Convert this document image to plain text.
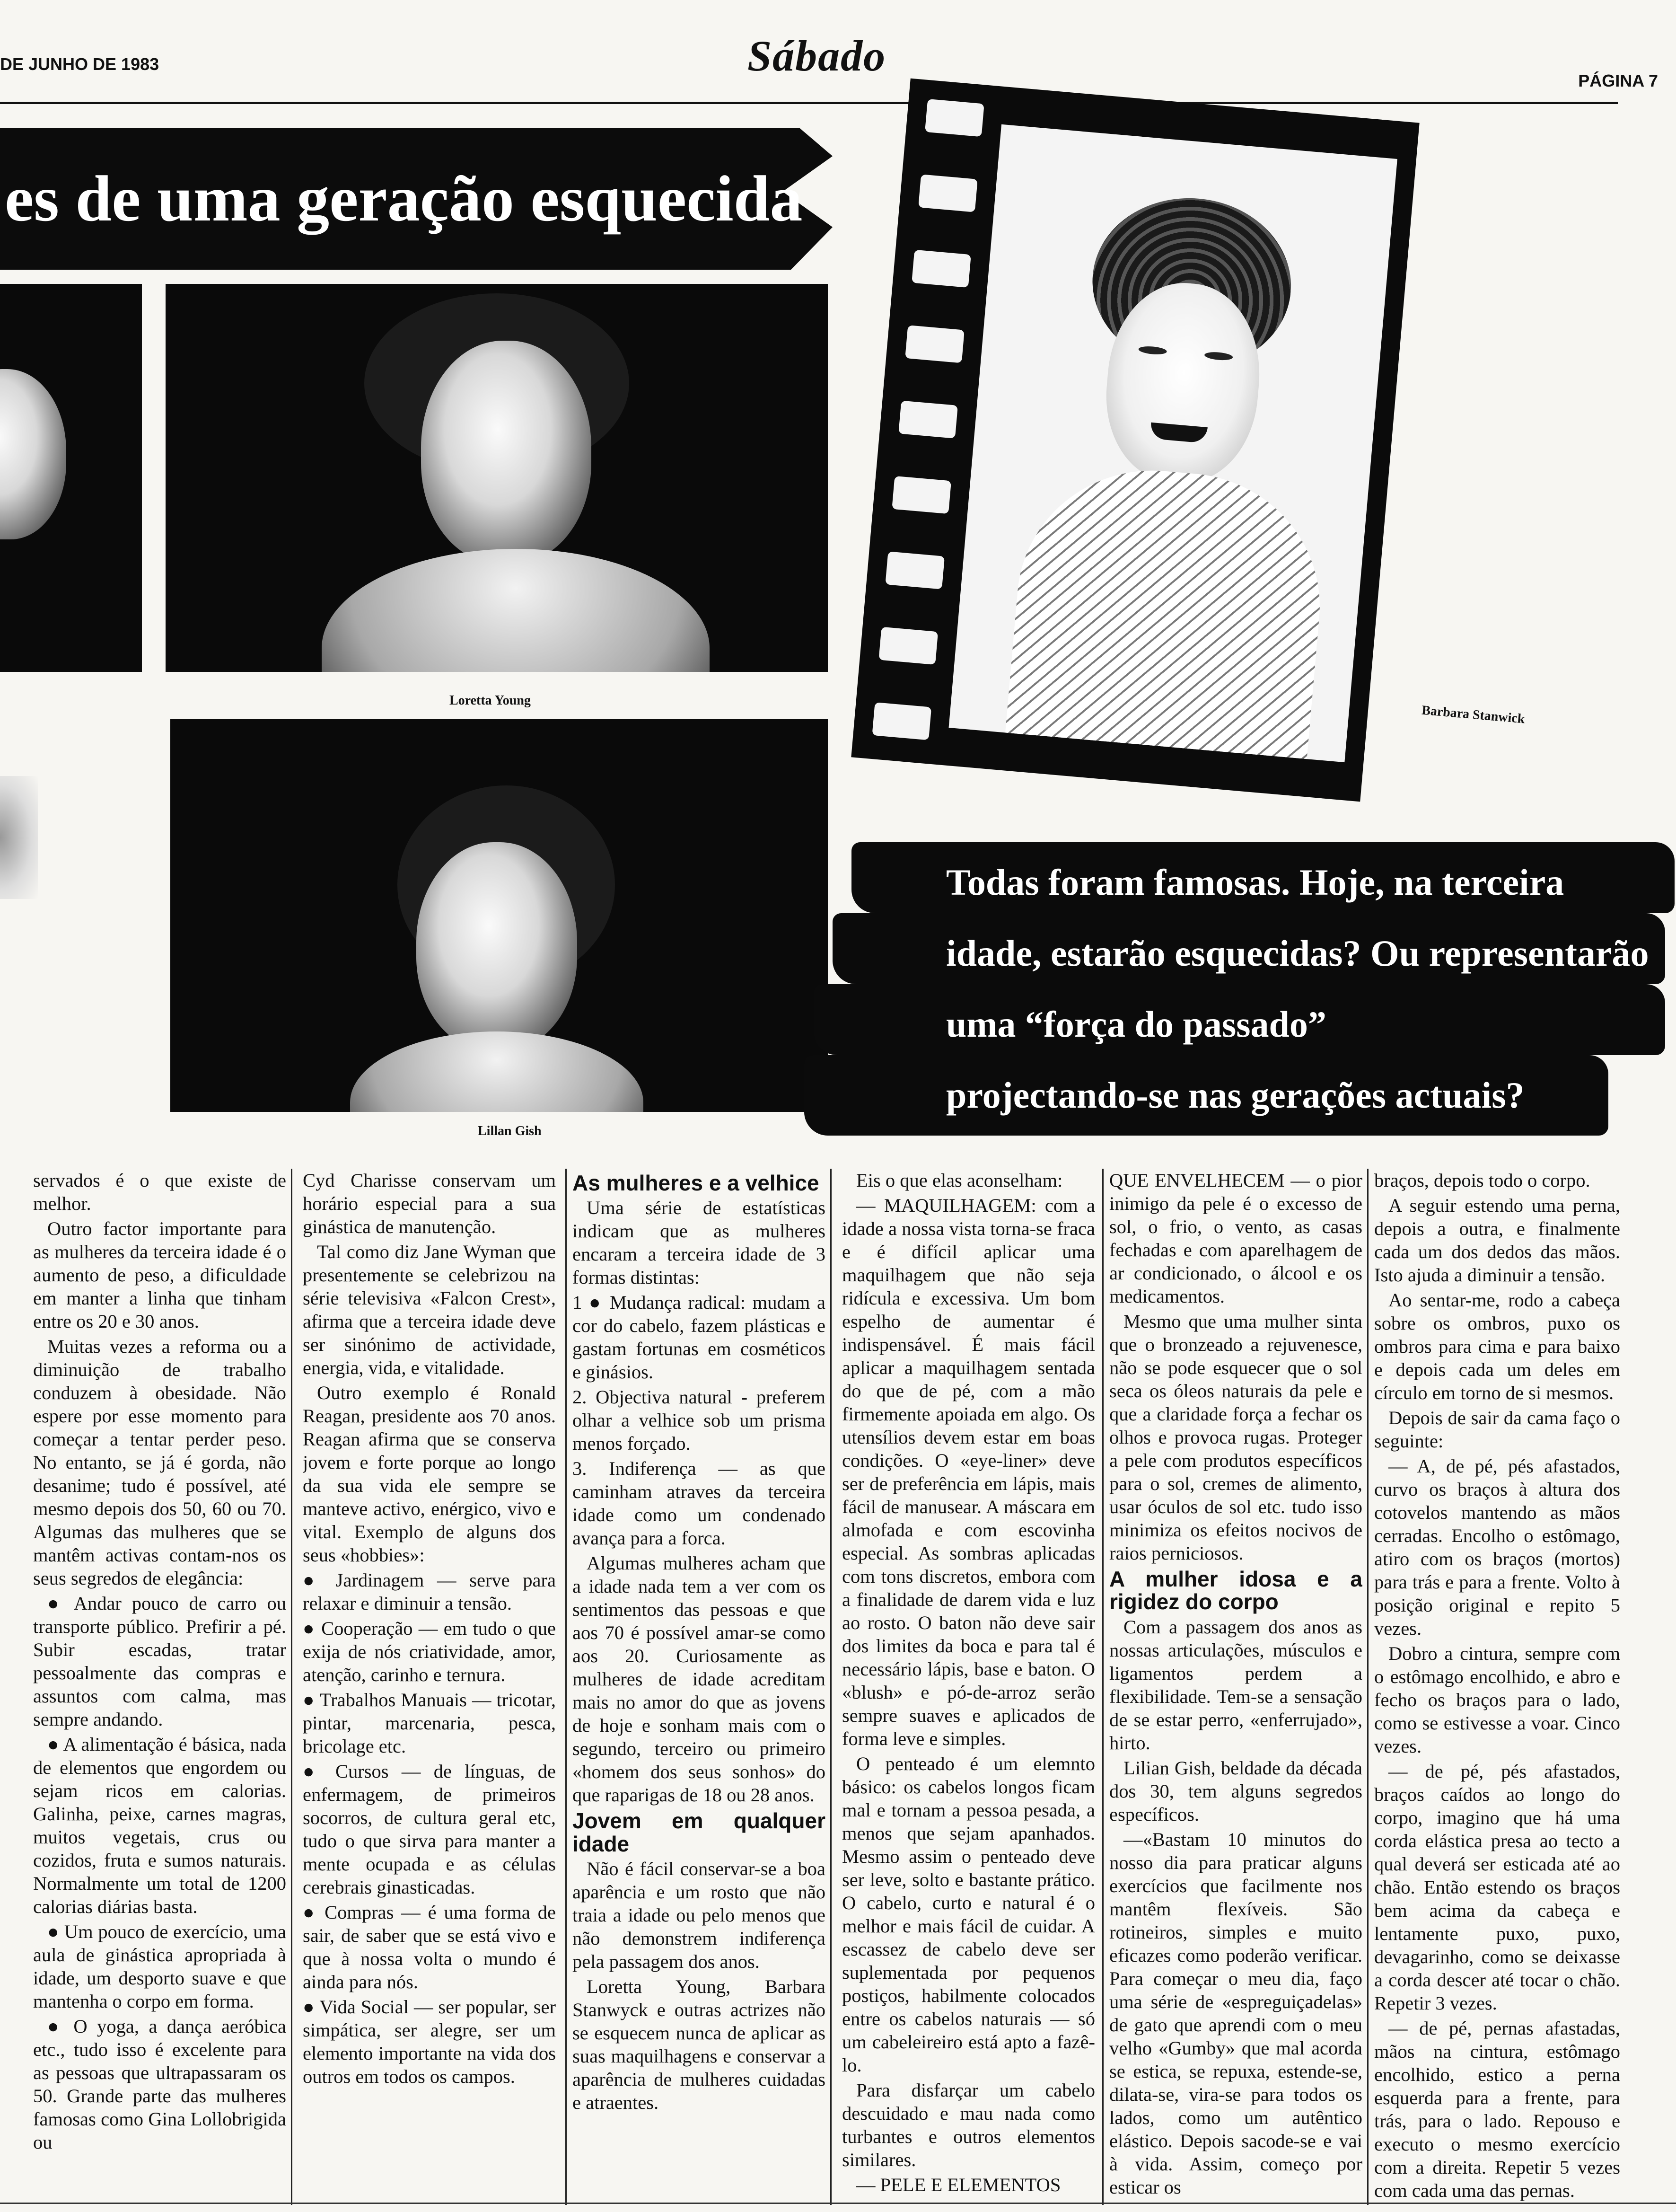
DE JUNHO DE 1983	Sábado
PÁGINA 7
es de uma geração esquecida
Loretta Young
Lillan Gish
Barbara Stanwick
Todas foram famosas. Hoje, na terceira
idade, estarão esquecidas? Ou representarão
uma “força do passado”
projectando-se nas gerações actuais?

servados é o que existe de melhor.

Outro factor importante para as mulheres da terceira idade é o aumento de peso, a dificuldade em manter a linha que tinham entre os 20 e 30 anos.

Muitas vezes a reforma ou a diminuição de trabalho conduzem à obesidade. Não espere por esse momento para começar a tentar perder peso. No entanto, se já é gorda, não desanime; tudo é possível, até mesmo depois dos 50, 60 ou 70. Algumas das mulheres que se mantêm activas contam-nos os seus segredos de elegância:

● Andar pouco de carro ou transporte público. Prefirir a pé. Subir escadas, tratar pessoalmente das compras e assuntos com calma, mas sempre andando.

● A alimentação é básica, nada de elementos que engordem ou sejam ricos em calorias. Galinha, peixe, carnes magras, muitos vegetais, crus ou cozidos, fruta e sumos naturais. Normalmente um total de 1200 calorias diárias basta.

● Um pouco de exercício, uma aula de ginástica apropriada à idade, um desporto suave e que mantenha o corpo em forma.

● O yoga, a dança aeróbica etc., tudo isso é excelente para as pessoas que ultrapassaram os 50. Grande parte das mulheres famosas como Gina Lollobrigida ou

Cyd Charisse conservam um horário especial para a sua ginástica de manutenção.

Tal como diz Jane Wyman que presentemente se celebrizou na série televisiva «Falcon Crest», afirma que a terceira idade deve ser sinónimo de actividade, energia, vida, e vitalidade.

Outro exemplo é Ronald Reagan, presidente aos 70 anos. Reagan afirma que se conserva jovem e forte porque ao longo da sua vida ele sempre se manteve activo, enérgico, vivo e vital. Exemplo de alguns dos seus «hobbies»:

● Jardinagem — serve para relaxar e diminuir a tensão.

● Cooperação — em tudo o que exija de nós criatividade, amor, atenção, carinho e ternura.

● Trabalhos Manuais — tricotar, pintar, marcenaria, pesca, bricolage etc.

● Cursos — de línguas, de enfermagem, de primeiros socorros, de cultura geral etc, tudo o que sirva para manter a mente ocupada e as células cerebrais ginasticadas.

● Compras — é uma forma de sair, de saber que se está vivo e que à nossa volta o mundo é ainda para nós.

● Vida Social — ser popular, ser simpática, ser alegre, ser um elemento importante na vida dos outros em todos os campos.

As mulheres e a velhice

Uma série de estatísticas indicam que as mulheres encaram a terceira idade de 3 formas distintas:

1 ● Mudança radical: mudam a cor do cabelo, fazem plásticas e gastam fortunas em cosméticos e ginásios.

2. Objectiva natural - preferem olhar a velhice sob um prisma menos forçado.

3. Indiferença — as que caminham atraves da terceira idade como um condenado avança para a forca.

Algumas mulheres acham que a idade nada tem a ver com os sentimentos das pessoas e que aos 70 é possível amar-se como aos 20. Curiosamente as mulheres de idade acreditam mais no amor do que as jovens de hoje e sonham mais com o segundo, terceiro ou primeiro «homem dos seus sonhos» do que raparigas de 18 ou 28 anos.

Jovem em qualquer idade

Não é fácil conservar-se a boa aparência e um rosto que não traia a idade ou pelo menos que não demonstrem indiferença pela passagem dos anos.

Loretta Young, Barbara Stanwyck e outras actrizes não se esquecem nunca de aplicar as suas maquilhagens e conservar a aparência de mulheres cuidadas e atraentes.

Eis o que elas aconselham:

— MAQUILHAGEM: com a idade a nossa vista torna-se fraca e é difícil aplicar uma maquilhagem que não seja ridícula e excessiva. Um bom espelho de aumentar é indispensável. É mais fácil aplicar a maquilhagem sentada do que de pé, com a mão firmemente apoiada em algo. Os utensílios devem estar em boas condições. O «eye-liner» deve ser de preferência em lápis, mais fácil de manusear. A máscara em almofada e com escovinha especial. As sombras aplicadas com tons discretos, embora com a finalidade de darem vida e luz ao rosto. O baton não deve sair dos limites da boca e para tal é necessário lápis, base e baton. O «blush» e pó-de-arroz serão sempre suaves e aplicados de forma leve e simples.

O penteado é um elemnto básico: os cabelos longos ficam mal e tornam a pessoa pesada, a menos que sejam apanhados. Mesmo assim o penteado deve ser leve, solto e bastante prático. O cabelo, curto e natural é o melhor e mais fácil de cuidar. A escassez de cabelo deve ser suplementada por pequenos postiços, habilmente colocados entre os cabelos naturais — só um cabeleireiro está apto a fazê-lo.

Para disfarçar um cabelo descuidado e mau nada como turbantes e outros elementos similares.

— PELE E ELEMENTOS

QUE ENVELHECEM — o pior inimigo da pele é o excesso de sol, o frio, o vento, as casas fechadas e com aparelhagem de ar condicionado, o álcool e os medicamentos.

Mesmo que uma mulher sinta que o bronzeado a rejuvenesce, não se pode esquecer que o sol seca os óleos naturais da pele e que a claridade força a fechar os olhos e provoca rugas. Proteger a pele com produtos específicos para o sol, cremes de alimento, usar óculos de sol etc. tudo isso minimiza os efeitos nocivos de raios perniciosos.

A mulher idosa e a rigidez do corpo

Com a passagem dos anos as nossas articulações, músculos e ligamentos perdem a flexibilidade. Tem-se a sensação de se estar perro, «enferrujado», hirto.

Lilian Gish, beldade da década dos 30, tem alguns segredos específicos.

—«Bastam 10 minutos do nosso dia para praticar alguns exercícios que facilmente nos mantêm flexíveis. São rotineiros, simples e muito eficazes como poderão verificar. Para começar o meu dia, faço uma série de «espreguiçadelas» de gato que aprendi com o meu velho «Gumby» que mal acorda se estica, se repuxa, estende-se, dilata-se, vira-se para todos os lados, como um autêntico elástico. Depois sacode-se e vai à vida. Assim, começo por esticar os

braços, depois todo o corpo.

A seguir estendo uma perna, depois a outra, e finalmente cada um dos dedos das mãos. Isto ajuda a diminuir a tensão.

Ao sentar-me, rodo a cabeça sobre os ombros, puxo os ombros para cima e para baixo e depois cada um deles em círculo em torno de si mesmos.

Depois de sair da cama faço o seguinte:

— A, de pé, pés afastados, curvo os braços à altura dos cotovelos mantendo as mãos cerradas. Encolho o estômago, atiro com os braços (mortos) para trás e para a frente. Volto à posição original e repito 5 vezes.

Dobro a cintura, sempre com o estômago encolhido, e abro e fecho os braços para o lado, como se estivesse a voar. Cinco vezes.

— de pé, pés afastados, braços caídos ao longo do corpo, imagino que há uma corda elástica presa ao tecto a qual deverá ser esticada até ao chão. Então estendo os braços bem acima da cabeça e lentamente puxo, puxo, devagarinho, como se deixasse a corda descer até tocar o chão. Repetir 3 vezes.

— de pé, pernas afastadas, mãos na cintura, estômago encolhido, estico a perna esquerda para a frente, para trás, para o lado. Repouso e executo o mesmo exercício com a direita. Repetir 5 vezes com cada uma das pernas.
